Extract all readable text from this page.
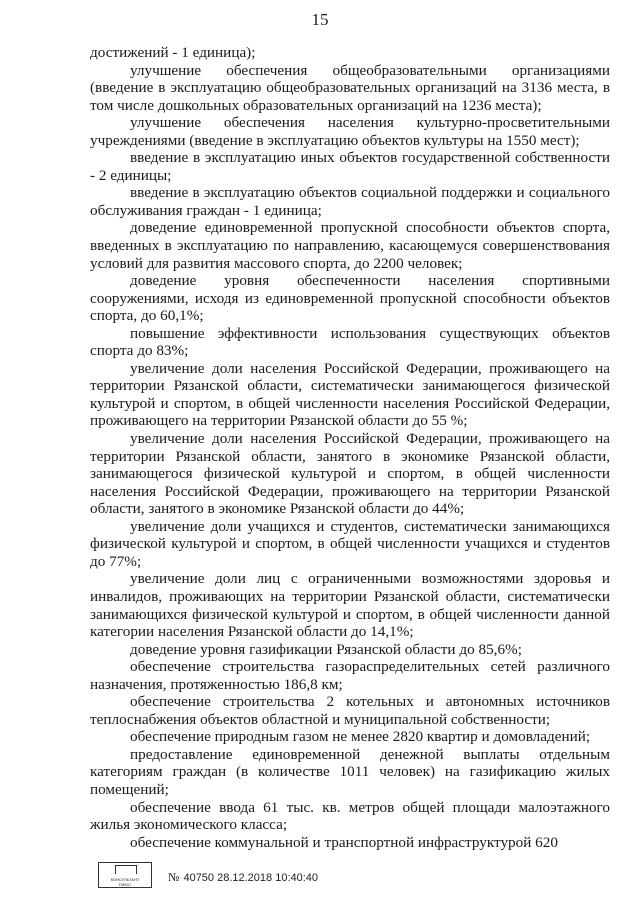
15

достижений - 1 единица);

улучшение обеспечения общеобразовательными организациями (введение в эксплуатацию общеобразовательных организаций на 3136 места, в том числе дошкольных образовательных организаций на 1236 места);

улучшение обеспечения населения культурно-просветительными учреждениями (введение в эксплуатацию объектов культуры на 1550 мест);

введение в эксплуатацию иных объектов государственной собственности - 2 единицы;

введение в эксплуатацию объектов социальной поддержки и социального обслуживания граждан - 1 единица;

доведение единовременной пропускной способности объектов спорта, введенных в эксплуатацию по направлению, касающемуся совершенствования условий для развития массового спорта, до 2200 человек;

доведение уровня обеспеченности населения спортивными сооружениями, исходя из единовременной пропускной способности объектов спорта, до 60,1%;

повышение эффективности использования существующих объектов спорта до 83%;

увеличение доли населения Российской Федерации, проживающего на территории Рязанской области, систематически занимающегося физической культурой и спортом, в общей численности населения Российской Федерации, проживающего на территории Рязанской области до 55 %;

увеличение доли населения Российской Федерации, проживающего на территории Рязанской области, занятого в экономике Рязанской области, занимающегося физической культурой и спортом, в общей численности населения Российской Федерации, проживающего на территории Рязанской области, занятого в экономике Рязанской области до 44%;

увеличение доли учащихся и студентов, систематически занимающихся физической культурой и спортом, в общей численности учащихся и студентов до 77%;

увеличение доли лиц с ограниченными возможностями здоровья и инвалидов, проживающих на территории Рязанской области, систематически занимающихся физической культурой и спортом, в общей численности данной категории населения Рязанской области до 14,1%;

доведение уровня газификации Рязанской области до 85,6%;

обеспечение строительства газораспределительных сетей различного назначения, протяженностью 186,8 км;

обеспечение строительства 2 котельных и автономных источников теплоснабжения объектов областной и муниципальной собственности;

обеспечение природным газом не менее 2820 квартир и домовладений;

предоставление единовременной денежной выплаты отдельным категориям граждан (в количестве 1011 человек) на газификацию жилых помещений;

обеспечение ввода 61 тыс. кв. метров общей площади малоэтажного жилья экономического класса;

обеспечение коммунальной и транспортной инфраструктурой 620

КОНСУЛЬТАНТ
ПЛЮС
№ 40750 28.12.2018 10:40:40
